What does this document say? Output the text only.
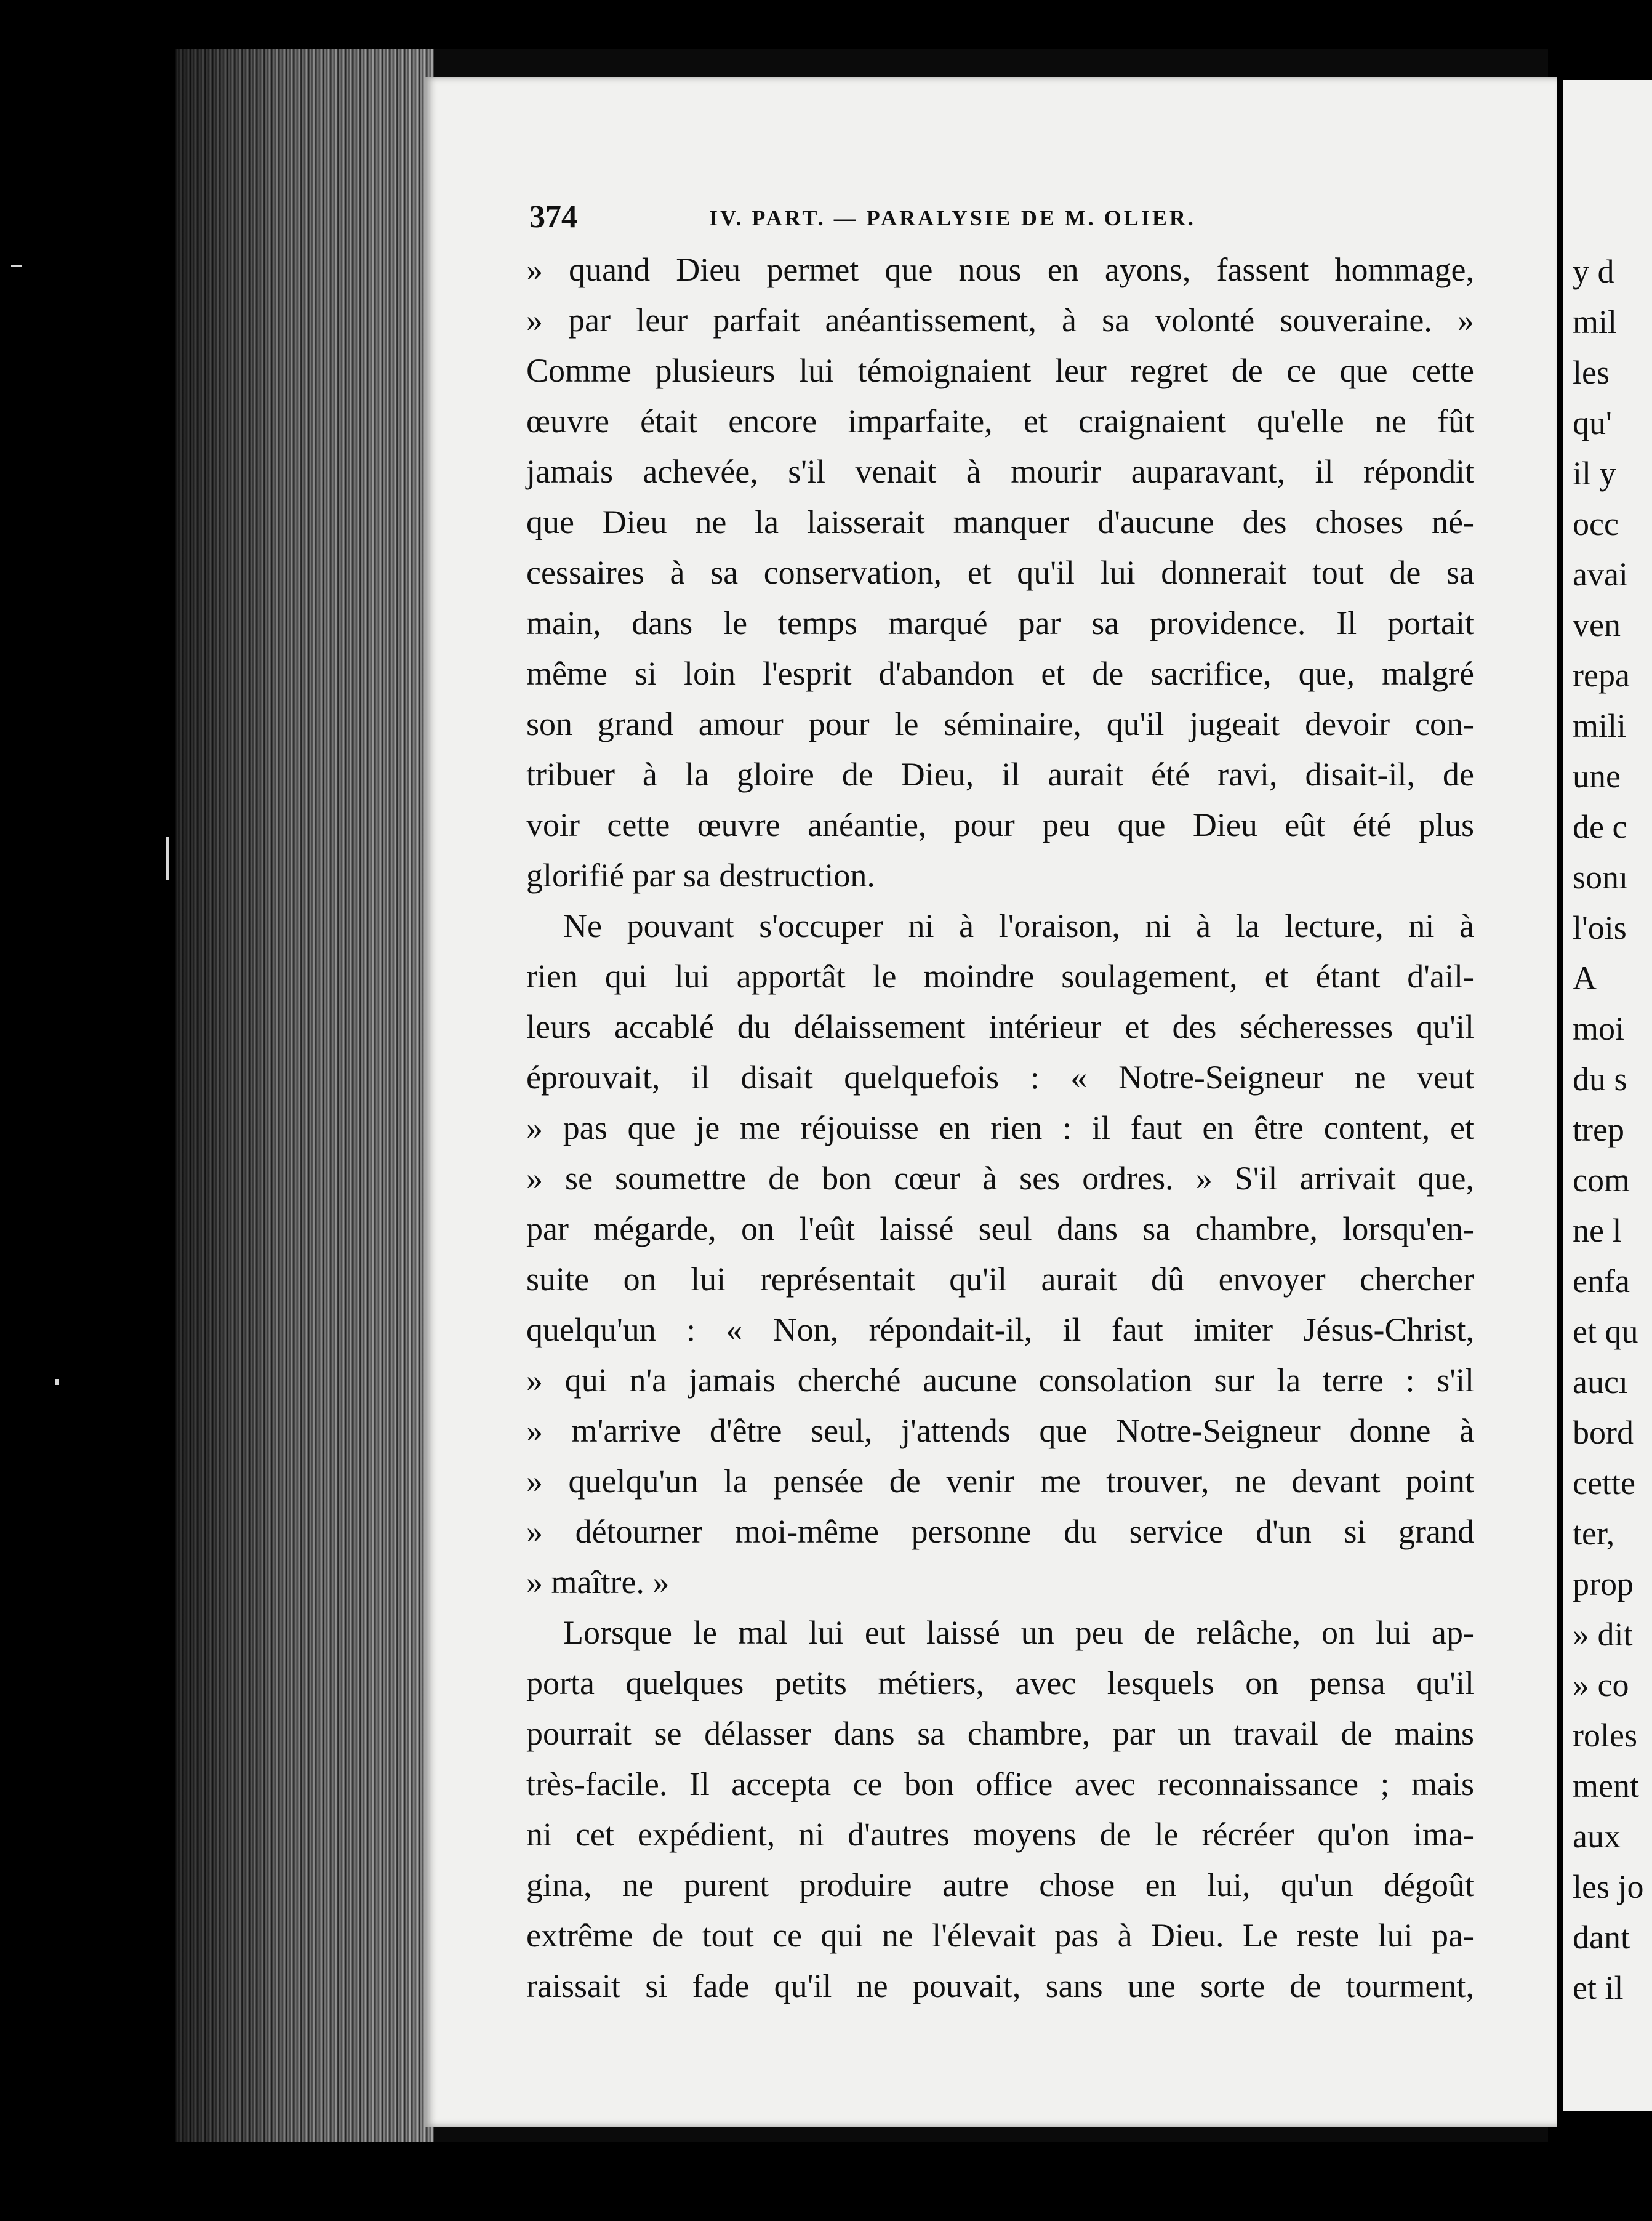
374	IV. PART. — PARALYSIE DE M. OLIER.
» quand Dieu permet que nous en ayons, fassent hommage,
» par leur parfait anéantissement, à sa volonté souveraine. »
Comme plusieurs lui témoignaient leur regret de ce que cette
œuvre était encore imparfaite, et craignaient qu'elle ne fût
jamais achevée, s'il venait à mourir auparavant, il répondit
que Dieu ne la laisserait manquer d'aucune des choses né-
cessaires à sa conservation, et qu'il lui donnerait tout de sa
main, dans le temps marqué par sa providence. Il portait
même si loin l'esprit d'abandon et de sacrifice, que, malgré
son grand amour pour le séminaire, qu'il jugeait devoir con-
tribuer à la gloire de Dieu, il aurait été ravi, disait-il, de
voir cette œuvre anéantie, pour peu que Dieu eût été plus
glorifié par sa destruction.
Ne pouvant s'occuper ni à l'oraison, ni à la lecture, ni à
rien qui lui apportât le moindre soulagement, et étant d'ail-
leurs accablé du délaissement intérieur et des sécheresses qu'il
éprouvait, il disait quelquefois : « Notre-Seigneur ne veut
» pas que je me réjouisse en rien : il faut en être content, et
» se soumettre de bon cœur à ses ordres. » S'il arrivait que,
par mégarde, on l'eût laissé seul dans sa chambre, lorsqu'en-
suite on lui représentait qu'il aurait dû envoyer chercher
quelqu'un : « Non, répondait-il, il faut imiter Jésus-Christ,
» qui n'a jamais cherché aucune consolation sur la terre : s'il
» m'arrive d'être seul, j'attends que Notre-Seigneur donne à
» quelqu'un la pensée de venir me trouver, ne devant point
» détourner moi-même personne du service d'un si grand
» maître. »
Lorsque le mal lui eut laissé un peu de relâche, on lui ap-
porta quelques petits métiers, avec lesquels on pensa qu'il
pourrait se délasser dans sa chambre, par un travail de mains
très-facile. Il accepta ce bon office avec reconnaissance ; mais
ni cet expédient, ni d'autres moyens de le récréer qu'on ima-
gina, ne purent produire autre chose en lui, qu'un dégoût
extrême de tout ce qui ne l'élevait pas à Dieu. Le reste lui pa-
raissait si fade qu'il ne pouvait, sans une sorte de tourment,
y d
mil
les
qu'
il y
occ
avai
ven
repa
mili
une
de c
sonı
l'ois
A
moi
du s
trep
com
ne l
enfa
et qu
aucı
bord
cette
ter,
prop
» dit
» co
roles
ment
aux
les jo
dant
et il
